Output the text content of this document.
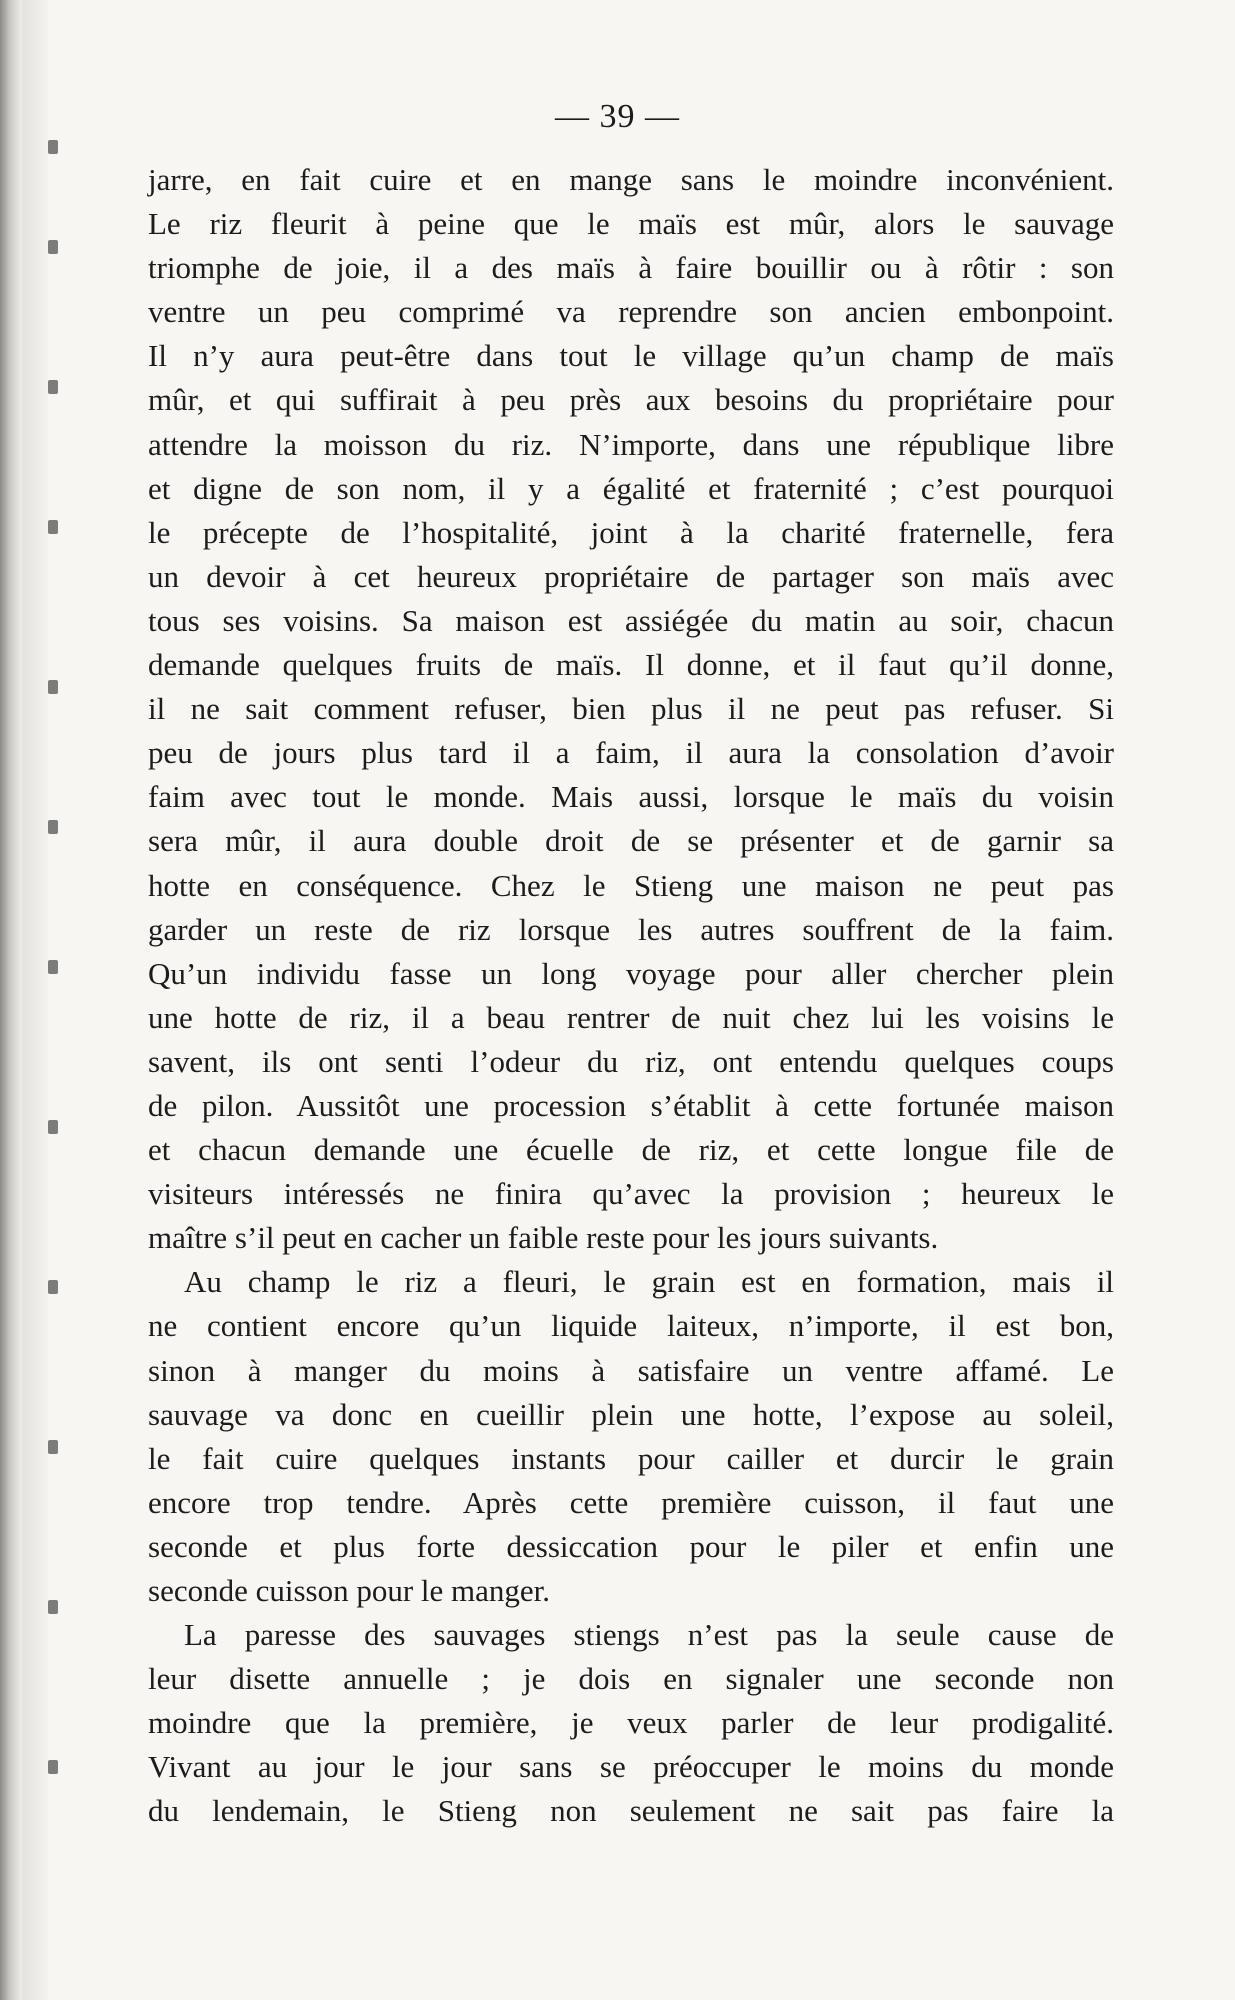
— 39 —
jarre, en fait cuire et en mange sans le moindre inconvénient.
Le riz fleurit à peine que le maïs est mûr, alors le sauvage
triomphe de joie, il a des maïs à faire bouillir ou à rôtir : son
ventre un peu comprimé va reprendre son ancien embonpoint.
Il n’y aura peut-être dans tout le village qu’un champ de maïs
mûr, et qui suffirait à peu près aux besoins du propriétaire pour
attendre la moisson du riz. N’importe, dans une république libre
et digne de son nom, il y a égalité et fraternité ; c’est pourquoi
le précepte de l’hospitalité, joint à la charité fraternelle, fera
un devoir à cet heureux propriétaire de partager son maïs avec
tous ses voisins. Sa maison est assiégée du matin au soir, chacun
demande quelques fruits de maïs. Il donne, et il faut qu’il donne,
il ne sait comment refuser, bien plus il ne peut pas refuser. Si
peu de jours plus tard il a faim, il aura la consolation d’avoir
faim avec tout le monde. Mais aussi, lorsque le maïs du voisin
sera mûr, il aura double droit de se présenter et de garnir sa
hotte en conséquence. Chez le Stieng une maison ne peut pas
garder un reste de riz lorsque les autres souffrent de la faim.
Qu’un individu fasse un long voyage pour aller chercher plein
une hotte de riz, il a beau rentrer de nuit chez lui les voisins le
savent, ils ont senti l’odeur du riz, ont entendu quelques coups
de pilon. Aussitôt une procession s’établit à cette fortunée maison
et chacun demande une écuelle de riz, et cette longue file de
visiteurs intéressés ne finira qu’avec la provision ; heureux le
maître s’il peut en cacher un faible reste pour les jours suivants.
Au champ le riz a fleuri, le grain est en formation, mais il
ne contient encore qu’un liquide laiteux, n’importe, il est bon,
sinon à manger du moins à satisfaire un ventre affamé. Le
sauvage va donc en cueillir plein une hotte, l’expose au soleil,
le fait cuire quelques instants pour cailler et durcir le grain
encore trop tendre. Après cette première cuisson, il faut une
seconde et plus forte dessiccation pour le piler et enfin une
seconde cuisson pour le manger.
La paresse des sauvages stiengs n’est pas la seule cause de
leur disette annuelle ; je dois en signaler une seconde non
moindre que la première, je veux parler de leur prodigalité.
Vivant au jour le jour sans se préoccuper le moins du monde
du lendemain, le Stieng non seulement ne sait pas faire la
